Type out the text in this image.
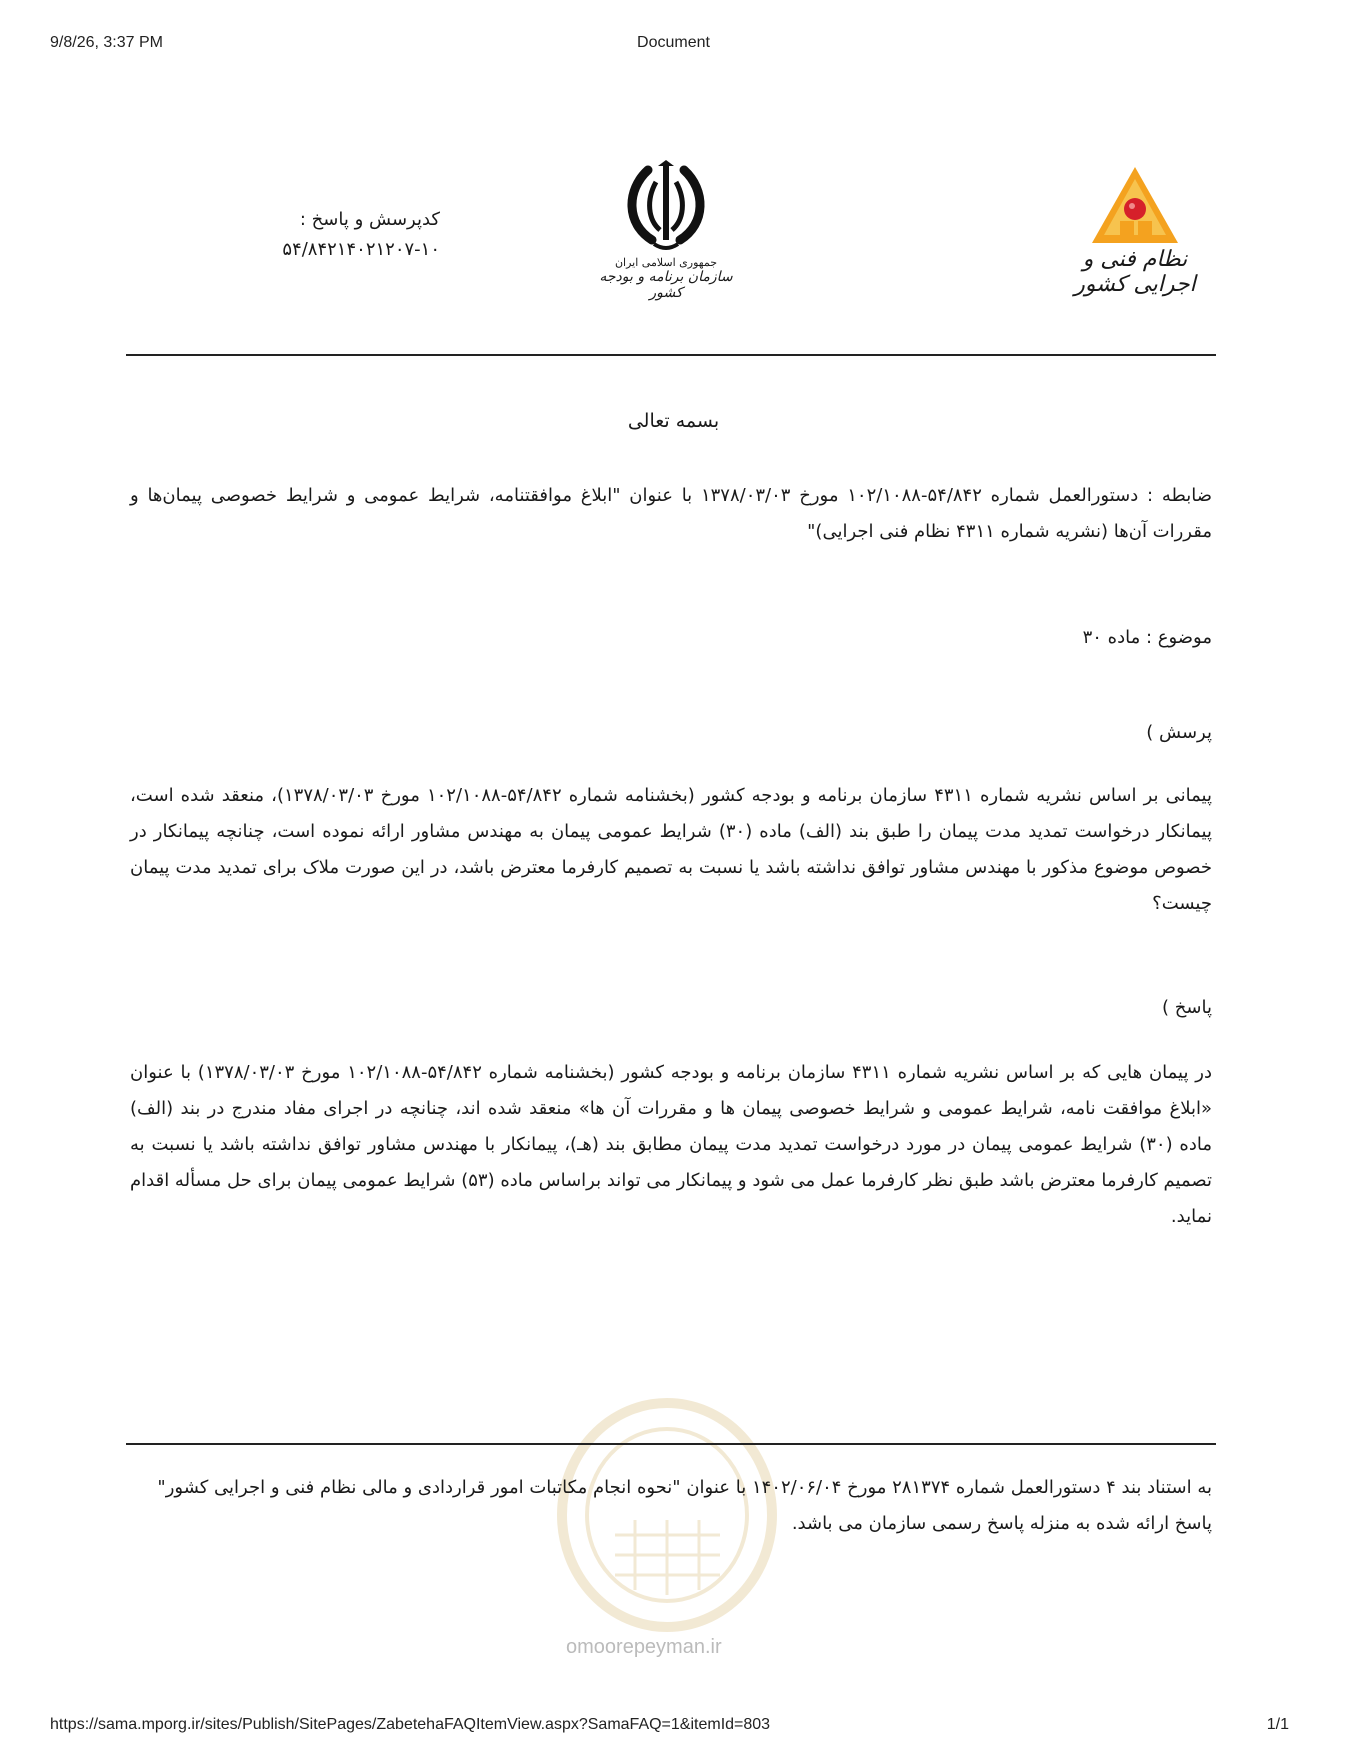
9/8/26, 3:37 PM	Document
کدپرسش و پاسخ :
۵۴/۸۴۲۱۴۰۲۱۲۰۷-۱۰
جمهوری اسلامی ایران
سازمان برنامه و بودجه کشور
نظام فنی و اجرایی کشور
بسمه تعالی
ضابطه : دستورالعمل شماره ۵۴/۸۴۲-۱۰۲/۱۰۸۸ مورخ ۱۳۷۸/۰۳/۰۳ با عنوان "ابلاغ موافقتنامه، شرایط عمومی و شرایط خصوصی پیمان‌ها و مقررات آن‌ها (نشریه شماره ۴۳۱۱ نظام فنی اجرایی)"
موضوع : ماده ۳۰
پرسش )
پیمانی بر اساس نشریه شماره ۴۳۱۱ سازمان برنامه و بودجه کشور (بخشنامه شماره ۵۴/۸۴۲-۱۰۲/۱۰۸۸ مورخ ۱۳۷۸/۰۳/۰۳)، منعقد شده است، پیمانکار درخواست تمدید مدت پیمان را طبق بند (الف) ماده (۳۰) شرایط عمومی پیمان به مهندس مشاور ارائه نموده است، چنانچه پیمانکار در خصوص موضوع مذکور با مهندس مشاور توافق نداشته باشد یا نسبت به تصمیم کارفرما معترض باشد، در این صورت ملاک برای تمدید مدت پیمان چیست؟
پاسخ )
در پیمان هایی که بر اساس نشریه شماره ۴۳۱۱ سازمان برنامه و بودجه کشور (بخشنامه شماره ۵۴/۸۴۲-۱۰۲/۱۰۸۸ مورخ ۱۳۷۸/۰۳/۰۳) با عنوان «ابلاغ موافقت نامه، شرایط عمومی و شرایط خصوصی پیمان ها و مقررات آن ها» منعقد شده اند، چنانچه در اجرای مفاد مندرج در بند (الف) ماده (۳۰) شرایط عمومی پیمان در مورد درخواست تمدید مدت پیمان مطابق بند (هـ)، پیمانکار با مهندس مشاور توافق نداشته باشد یا نسبت به تصمیم کارفرما معترض باشد طبق نظر کارفرما عمل می شود و پیمانکار می تواند براساس ماده (۵۳) شرایط عمومی پیمان برای حل مسأله اقدام نماید.
به استناد بند ۴ دستورالعمل شماره ۲۸۱۳۷۴ مورخ ۱۴۰۲/۰۶/۰۴ با عنوان "نحوه انجام مکاتبات امور قراردادی و مالی نظام فنی و اجرایی کشور" پاسخ ارائه شده به منزله پاسخ رسمی سازمان می باشد.
omoorepeyman.ir
https://sama.mporg.ir/sites/Publish/SitePages/ZabetehaFAQItemView.aspx?SamaFAQ=1&itemId=803	1/1
